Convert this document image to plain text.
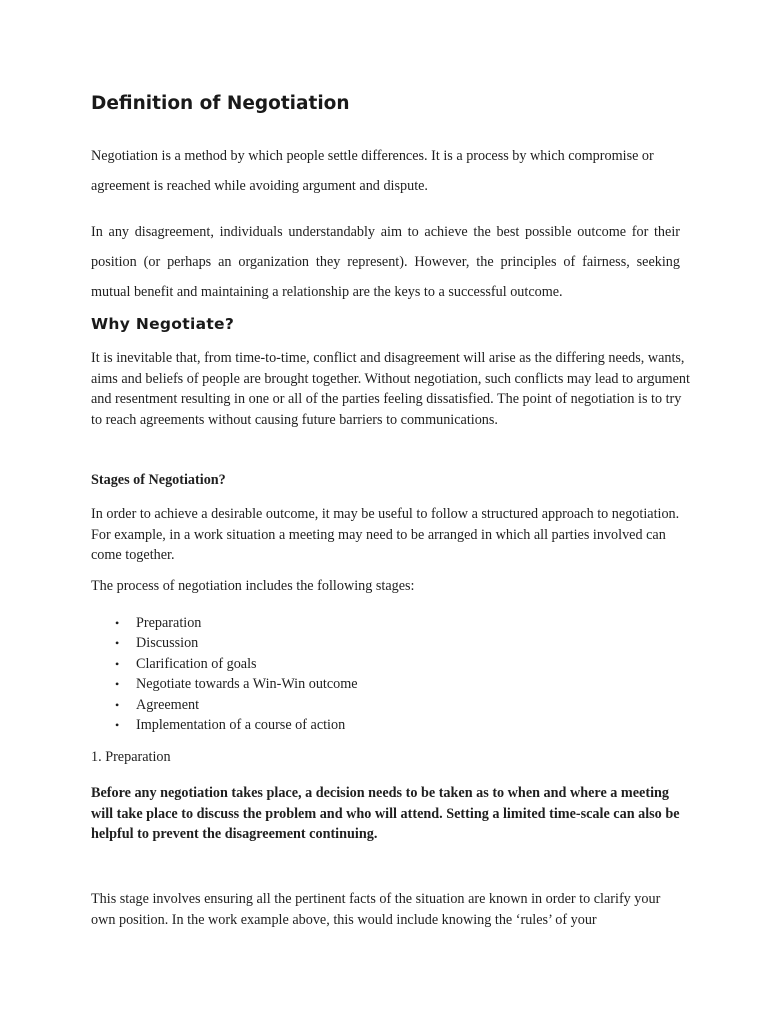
Definition of Negotiation

Negotiation is a method by which people settle differences. It is a process by which compromise or agreement is reached while avoiding argument and dispute.

In any disagreement, individuals understandably aim to achieve the best possible outcome for their position (or perhaps an organization they represent). However, the principles of fairness, seeking mutual benefit and maintaining a relationship are the keys to a successful outcome.

Why Negotiate?

It is inevitable that, from time-to-time, conflict and disagreement will arise as the differing needs, wants, aims and beliefs of people are brought together. Without negotiation, such conflicts may lead to argument and resentment resulting in one or all of the parties feeling dissatisfied. The point of negotiation is to try to reach agreements without causing future barriers to communications.

Stages of Negotiation?

In order to achieve a desirable outcome, it may be useful to follow a structured approach to negotiation. For example, in a work situation a meeting may need to be arranged in which all parties involved can come together.

The process of negotiation includes the following stages:

• Preparation
• Discussion
• Clarification of goals
• Negotiate towards a Win-Win outcome
• Agreement
• Implementation of a course of action

1. Preparation

Before any negotiation takes place, a decision needs to be taken as to when and where a meeting will take place to discuss the problem and who will attend. Setting a limited time-scale can also be helpful to prevent the disagreement continuing.

This stage involves ensuring all the pertinent facts of the situation are known in order to clarify your own position. In the work example above, this would include knowing the ‘rules’ of your
